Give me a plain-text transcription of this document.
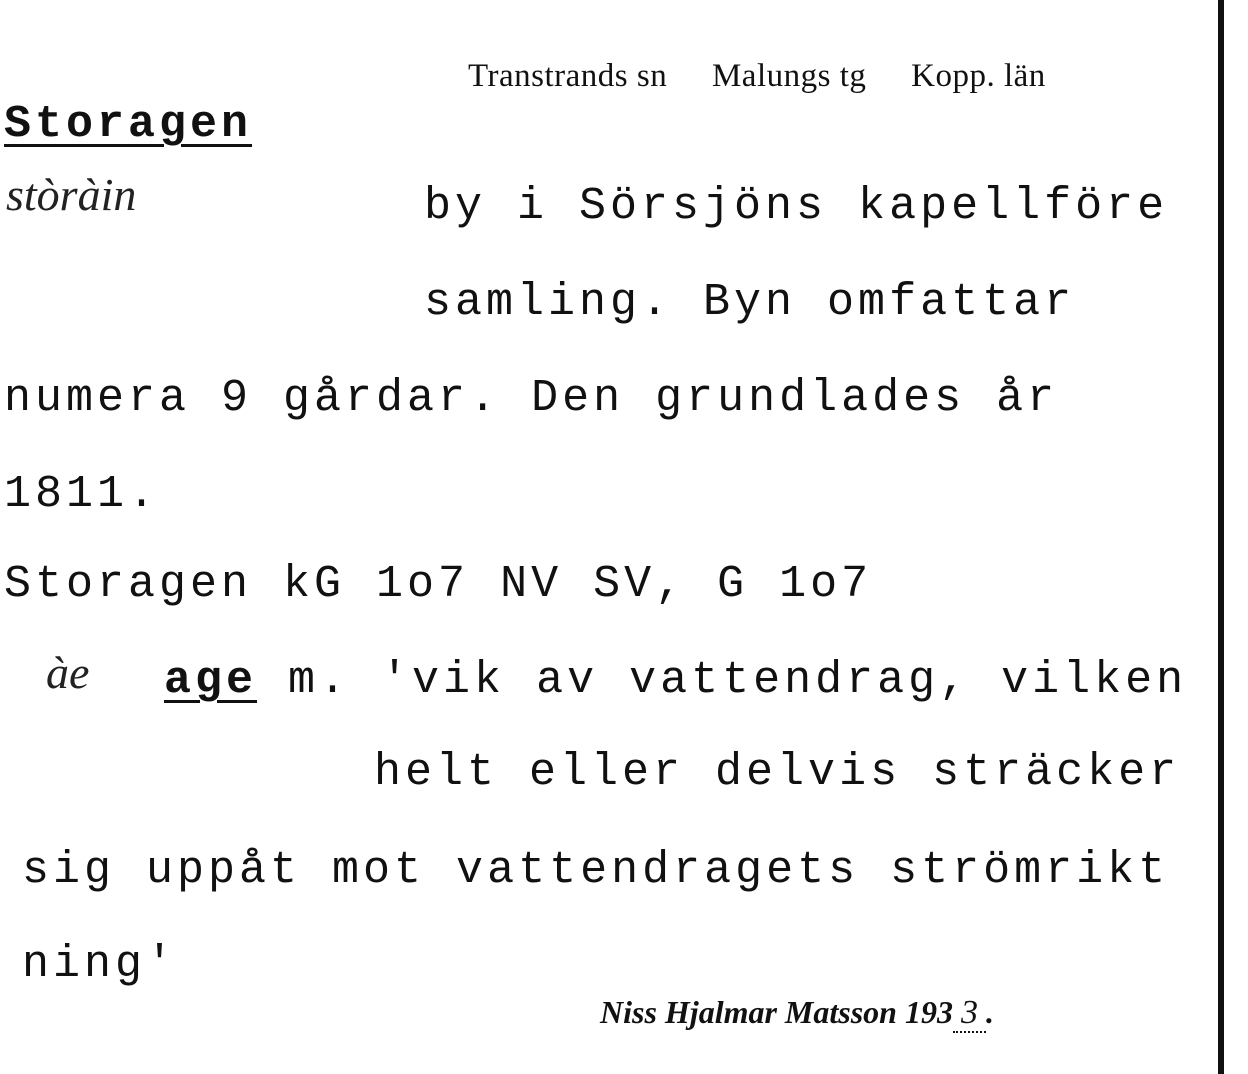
Transtrands sn Malungs tg Kopp. län
Storagen
stòràin	by i Sörsjöns kapellföre
samling. Byn omfattar
numera 9 gårdar. Den grundlades år
1811.
Storagen kG 1o7 NV SV, G 1o7
àe age m. 'vik av vattendrag, vilken
helt eller delvis sträcker
sig uppåt mot vattendragets strömrikt
ning'
Niss Hjalmar Matsson 193 3 .
